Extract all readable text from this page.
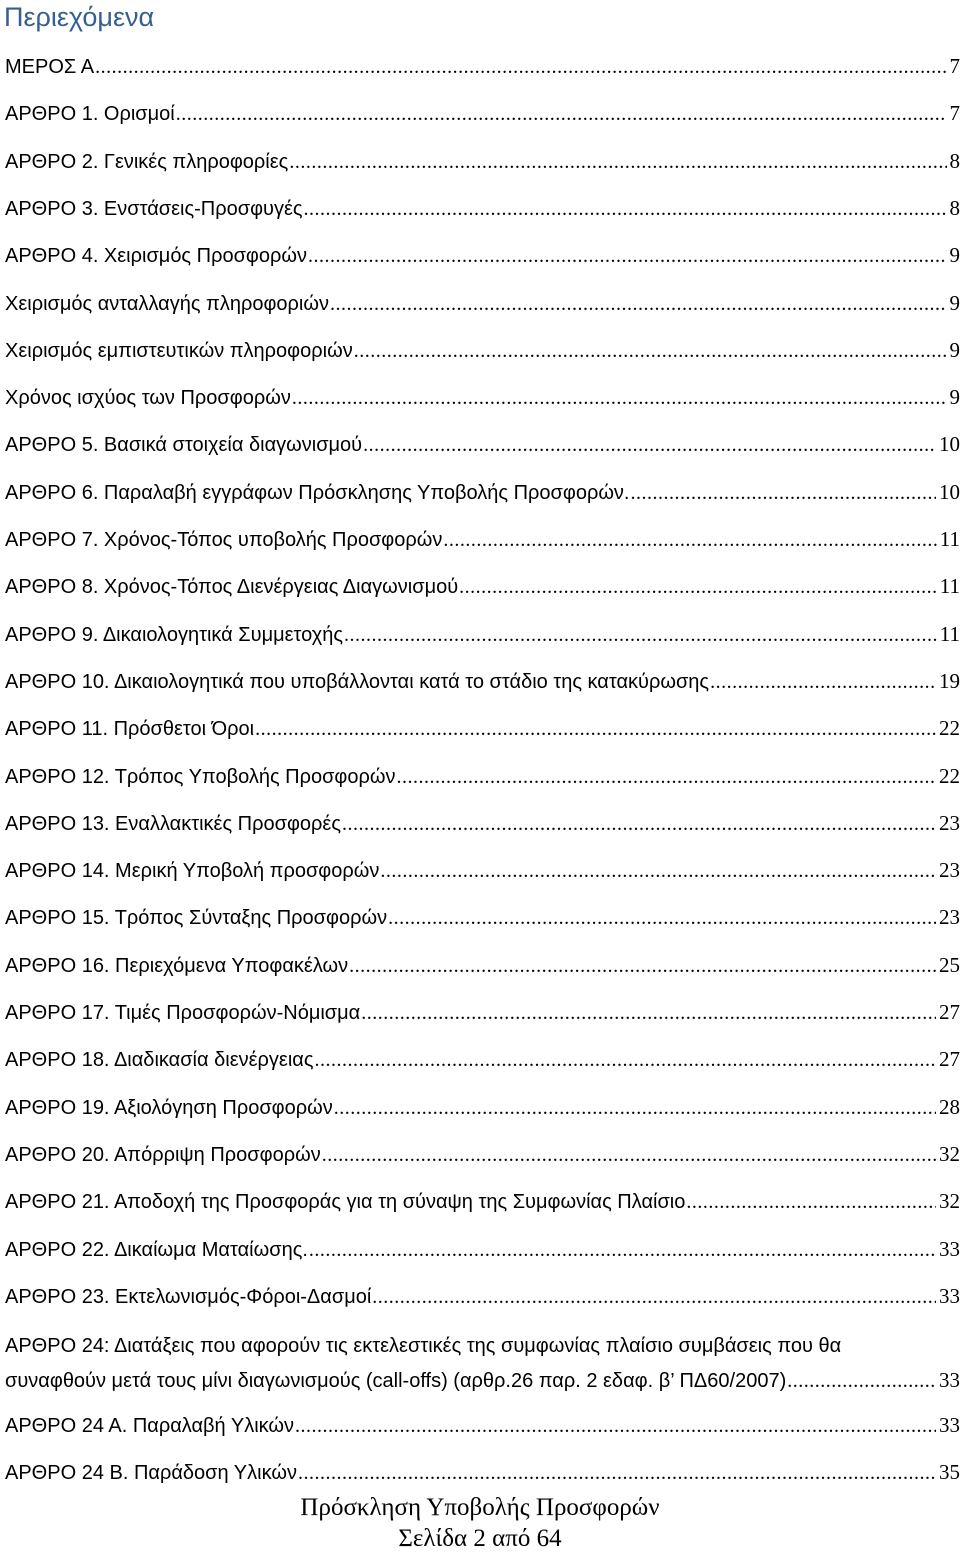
Περιεχόμενα
ΜΕΡΟΣ Α .....	7
ΑΡΘΡΟ 1. Ορισμοί .....	7
ΑΡΘΡΟ 2. Γενικές πληροφορίες .....	8
ΑΡΘΡΟ 3. Ενστάσεις-Προσφυγές .....	8
ΑΡΘΡΟ 4. Χειρισμός Προσφορών .....	9
Χειρισμός ανταλλαγής πληροφοριών .....	9
Χειρισμός εμπιστευτικών πληροφοριών .....	9
Χρόνος ισχύος των Προσφορών .....	9
ΑΡΘΡΟ 5. Βασικά στοιχεία διαγωνισμού .....	10
ΑΡΘΡΟ 6. Παραλαβή εγγράφων Πρόσκλησης Υποβολής Προσφορών. .....	10
ΑΡΘΡΟ 7. Χρόνος-Τόπος υποβολής Προσφορών .....	11
ΑΡΘΡΟ 8. Χρόνος-Τόπος Διενέργειας Διαγωνισμού .....	11
ΑΡΘΡΟ 9. Δικαιολογητικά Συμμετοχής .....	11
ΑΡΘΡΟ 10. Δικαιολογητικά που υποβάλλονται κατά το στάδιο της κατακύρωσης .....	19
ΑΡΘΡΟ 11. Πρόσθετοι Όροι .....	22
ΑΡΘΡΟ 12. Τρόπος Υποβολής Προσφορών .....	22
ΑΡΘΡΟ 13. Εναλλακτικές Προσφορές .....	23
ΑΡΘΡΟ 14. Μερική Υποβολή προσφορών .....	23
ΑΡΘΡΟ 15. Τρόπος Σύνταξης Προσφορών .....	23
ΑΡΘΡΟ 16. Περιεχόμενα Υποφακέλων .....	25
ΑΡΘΡΟ 17. Τιμές Προσφορών-Νόμισμα .....	27
ΑΡΘΡΟ 18. Διαδικασία διενέργειας .....	27
ΑΡΘΡΟ 19. Αξιολόγηση Προσφορών .....	28
ΑΡΘΡΟ 20. Απόρριψη Προσφορών .....	32
ΑΡΘΡΟ 21. Αποδοχή της Προσφοράς για τη σύναψη της Συμφωνίας Πλαίσιο .....	32
ΑΡΘΡΟ 22. Δικαίωμα Ματαίωσης. .....	33
ΑΡΘΡΟ 23. Εκτελωνισμός-Φόροι-Δασμοί .....	33
ΑΡΘΡΟ 24: Διατάξεις που αφορούν τις εκτελεστικές της συμφωνίας πλαίσιο συμβάσεις που θα
συναφθούν μετά τους μίνι διαγωνισμούς (call-offs) (αρθρ.26 παρ. 2 εδαφ. β’ ΠΔ60/2007) .....	33
ΑΡΘΡΟ 24 Α. Παραλαβή Υλικών .....	33
ΑΡΘΡΟ 24 Β. Παράδοση Υλικών .....	35
Πρόσκληση Υποβολής Προσφορών
Σελίδα 2 από 64
